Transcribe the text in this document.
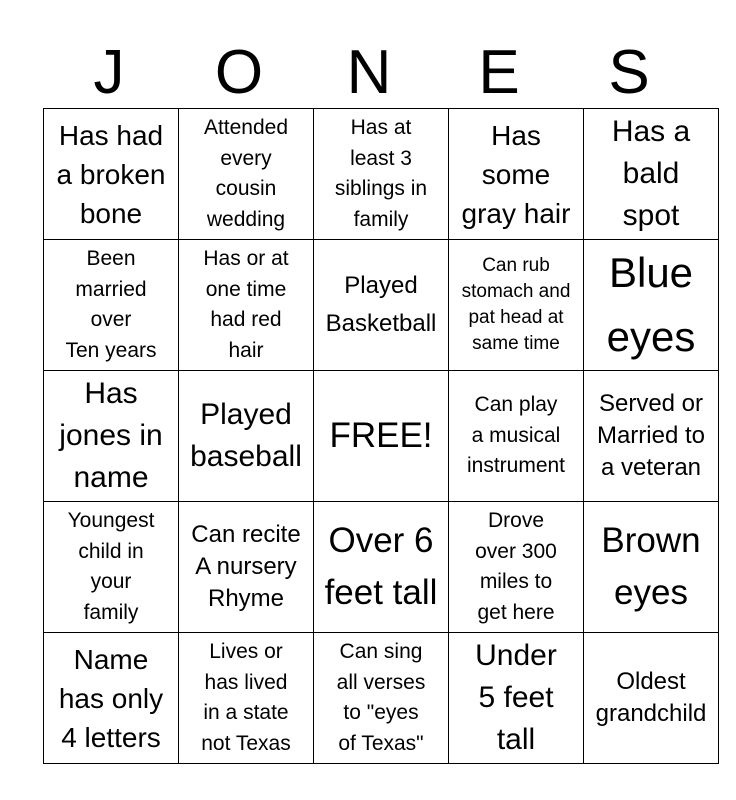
J	O	N	E	S
Has had
a broken
bone	Attended
every
cousin
wedding	Has at
least 3
siblings in
family	Has
some
gray hair	Has a
bald
spot

Been
married
over
Ten years	Has or at
one time
had red
hair	Played
Basketball	Can rub
stomach and
pat head at
same time	Blue
eyes

Has
jones in
name	Played
baseball	FREE!	Can play
a musical
instrument	Served or
Married to
a veteran

Youngest
child in
your
family	Can recite
A nursery
Rhyme	Over 6
feet tall	Drove
over 300
miles to
get here	Brown
eyes

Name
has only
4 letters	Lives or
has lived
in a state
not Texas	Can sing
all verses
to "eyes
of Texas"	Under
5 feet
tall	Oldest
grandchild
